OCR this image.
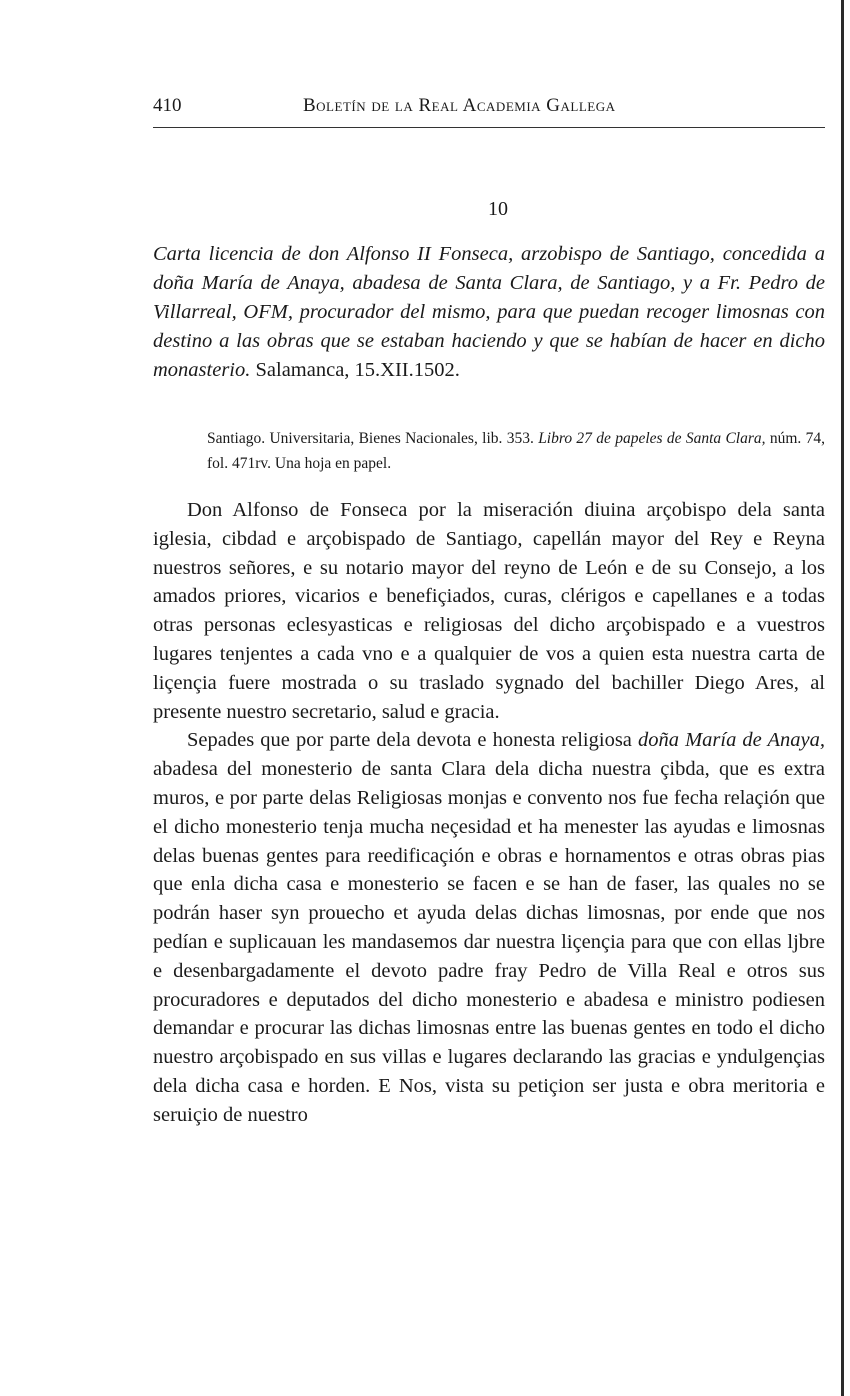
410	Boletín de la Real Academia Gallega
10
Carta licencia de don Alfonso II Fonseca, arzobispo de Santiago, concedida a doña María de Anaya, abadesa de Santa Clara, de Santiago, y a Fr. Pedro de Villarreal, OFM, procurador del mismo, para que puedan recoger limosnas con destino a las obras que se estaban haciendo y que se habían de hacer en dicho monasterio. Salamanca, 15.XII.1502.
Santiago. Universitaria, Bienes Nacionales, lib. 353. Libro 27 de papeles de Santa Clara, núm. 74, fol. 471rv. Una hoja en papel.

Don Alfonso de Fonseca por la miseración diuina arçobispo dela santa iglesia, cibdad e arçobispado de Santiago, capellán mayor del Rey e Reyna nuestros señores, e su notario mayor del reyno de León e de su Consejo, a los amados priores, vicarios e benefiçiados, curas, clérigos e capellanes e a todas otras personas eclesyasticas e religiosas del dicho arçobispado e a vuestros lugares tenjentes a cada vno e a qualquier de vos a quien esta nuestra carta de liçençia fuere mostrada o su traslado sygnado del bachiller Diego Ares, al presente nuestro secretario, salud e gracia.

Sepades que por parte dela devota e honesta religiosa doña María de Anaya, abadesa del monesterio de santa Clara dela dicha nuestra çibda, que es extra muros, e por parte delas Religiosas monjas e convento nos fue fecha relaçión que el dicho monesterio tenja mucha neçesidad et ha menester las ayudas e limosnas delas buenas gentes para reedificaçión e obras e hornamentos e otras obras pias que enla dicha casa e monesterio se facen e se han de faser, las quales no se podrán haser syn prouecho et ayuda delas dichas limosnas, por ende que nos pedían e suplicauan les mandasemos dar nuestra liçençia para que con ellas ljbre e desenbargadamente el devoto padre fray Pedro de Villa Real e otros sus procuradores e deputados del dicho monesterio e abadesa e ministro podiesen demandar e procurar las dichas limosnas entre las buenas gentes en todo el dicho nuestro arçobispado en sus villas e lugares declarando las gracias e yndulgençias dela dicha casa e horden. E Nos, vista su petiçion ser justa e obra meritoria e seruiçio de nuestro
